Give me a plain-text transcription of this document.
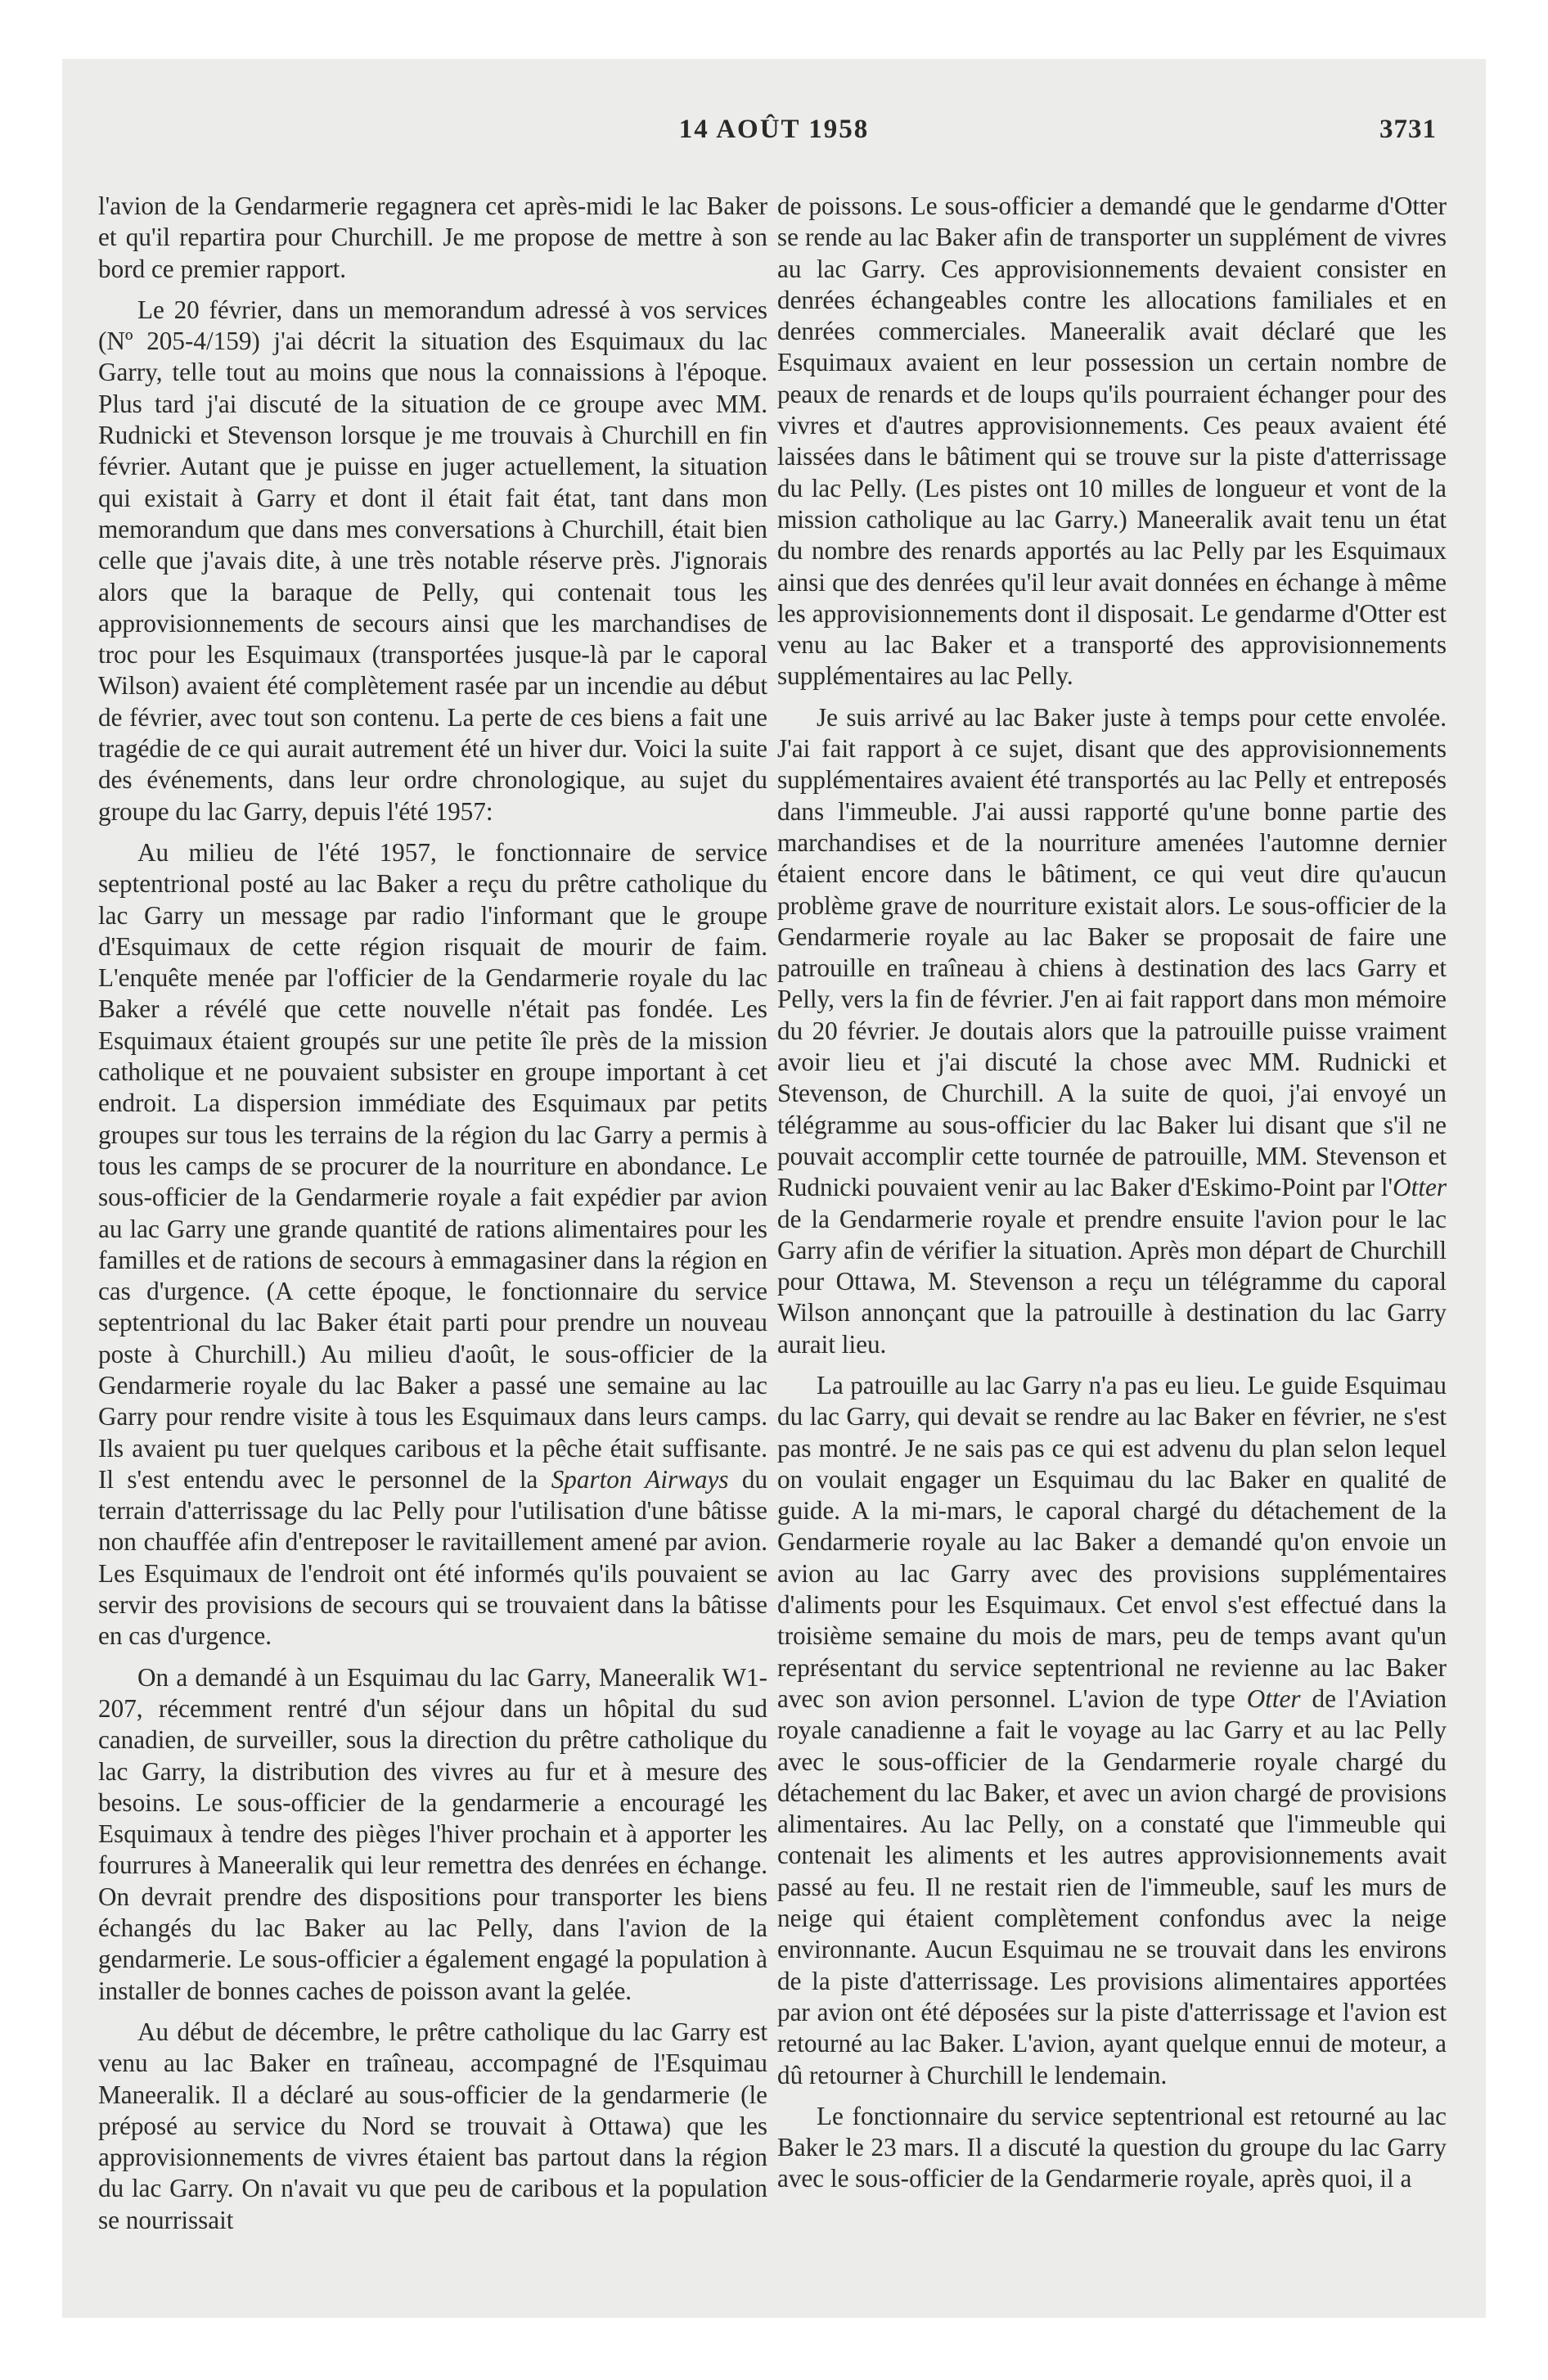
14 AOÛT 1958	3731

l'avion de la Gendarmerie regagnera cet après-midi le lac Baker et qu'il repartira pour Churchill. Je me propose de mettre à son bord ce premier rapport.

Le 20 février, dans un memorandum adressé à vos services (Nº 205-4/159) j'ai décrit la situation des Esquimaux du lac Garry, telle tout au moins que nous la connaissions à l'époque. Plus tard j'ai discuté de la situation de ce groupe avec MM. Rudnicki et Stevenson lorsque je me trouvais à Churchill en fin février. Autant que je puisse en juger actuellement, la situation qui existait à Garry et dont il était fait état, tant dans mon memorandum que dans mes conversations à Churchill, était bien celle que j'avais dite, à une très notable réserve près. J'ignorais alors que la baraque de Pelly, qui contenait tous les approvisionnements de secours ainsi que les marchandises de troc pour les Esquimaux (transportées jusque-là par le caporal Wilson) avaient été complètement rasée par un incendie au début de février, avec tout son contenu. La perte de ces biens a fait une tragédie de ce qui aurait autrement été un hiver dur. Voici la suite des événements, dans leur ordre chronologique, au sujet du groupe du lac Garry, depuis l'été 1957:

Au milieu de l'été 1957, le fonctionnaire de service septentrional posté au lac Baker a reçu du prêtre catholique du lac Garry un message par radio l'informant que le groupe d'Esquimaux de cette région risquait de mourir de faim. L'enquête menée par l'officier de la Gendarmerie royale du lac Baker a révélé que cette nouvelle n'était pas fondée. Les Esquimaux étaient groupés sur une petite île près de la mission catholique et ne pouvaient subsister en groupe important à cet endroit. La dispersion immédiate des Esquimaux par petits groupes sur tous les terrains de la région du lac Garry a permis à tous les camps de se procurer de la nourriture en abondance. Le sous-officier de la Gendarmerie royale a fait expédier par avion au lac Garry une grande quantité de rations alimentaires pour les familles et de rations de secours à emmagasiner dans la région en cas d'urgence. (A cette époque, le fonctionnaire du service septentrional du lac Baker était parti pour prendre un nouveau poste à Churchill.) Au milieu d'août, le sous-officier de la Gendarmerie royale du lac Baker a passé une semaine au lac Garry pour rendre visite à tous les Esquimaux dans leurs camps. Ils avaient pu tuer quelques caribous et la pêche était suffisante. Il s'est entendu avec le personnel de la Sparton Airways du terrain d'atterrissage du lac Pelly pour l'utilisation d'une bâtisse non chauffée afin d'entreposer le ravitaillement amené par avion. Les Esquimaux de l'endroit ont été informés qu'ils pouvaient se servir des provisions de secours qui se trouvaient dans la bâtisse en cas d'urgence.

On a demandé à un Esquimau du lac Garry, Maneeralik W1-207, récemment rentré d'un séjour dans un hôpital du sud canadien, de surveiller, sous la direction du prêtre catholique du lac Garry, la distribution des vivres au fur et à mesure des besoins. Le sous-officier de la gendarmerie a encouragé les Esquimaux à tendre des pièges l'hiver prochain et à apporter les fourrures à Maneeralik qui leur remettra des denrées en échange. On devrait prendre des dispositions pour transporter les biens échangés du lac Baker au lac Pelly, dans l'avion de la gendarmerie. Le sous-officier a également engagé la population à installer de bonnes caches de poisson avant la gelée.

Au début de décembre, le prêtre catholique du lac Garry est venu au lac Baker en traîneau, accompagné de l'Esquimau Maneeralik. Il a déclaré au sous-officier de la gendarmerie (le préposé au service du Nord se trouvait à Ottawa) que les approvisionnements de vivres étaient bas partout dans la région du lac Garry. On n'avait vu que peu de caribous et la population se nourrissait

de poissons. Le sous-officier a demandé que le gendarme d'Otter se rende au lac Baker afin de transporter un supplément de vivres au lac Garry. Ces approvisionnements devaient consister en denrées échangeables contre les allocations familiales et en denrées commerciales. Maneeralik avait déclaré que les Esquimaux avaient en leur possession un certain nombre de peaux de renards et de loups qu'ils pourraient échanger pour des vivres et d'autres approvisionnements. Ces peaux avaient été laissées dans le bâtiment qui se trouve sur la piste d'atterrissage du lac Pelly. (Les pistes ont 10 milles de longueur et vont de la mission catholique au lac Garry.) Maneeralik avait tenu un état du nombre des renards apportés au lac Pelly par les Esquimaux ainsi que des denrées qu'il leur avait données en échange à même les approvisionnements dont il disposait. Le gendarme d'Otter est venu au lac Baker et a transporté des approvisionnements supplémentaires au lac Pelly.

Je suis arrivé au lac Baker juste à temps pour cette envolée. J'ai fait rapport à ce sujet, disant que des approvisionnements supplémentaires avaient été transportés au lac Pelly et entreposés dans l'immeuble. J'ai aussi rapporté qu'une bonne partie des marchandises et de la nourriture amenées l'automne dernier étaient encore dans le bâtiment, ce qui veut dire qu'aucun problème grave de nourriture existait alors. Le sous-officier de la Gendarmerie royale au lac Baker se proposait de faire une patrouille en traîneau à chiens à destination des lacs Garry et Pelly, vers la fin de février. J'en ai fait rapport dans mon mémoire du 20 février. Je doutais alors que la patrouille puisse vraiment avoir lieu et j'ai discuté la chose avec MM. Rudnicki et Stevenson, de Churchill. A la suite de quoi, j'ai envoyé un télégramme au sous-officier du lac Baker lui disant que s'il ne pouvait accomplir cette tournée de patrouille, MM. Stevenson et Rudnicki pouvaient venir au lac Baker d'Eskimo-Point par l'Otter de la Gendarmerie royale et prendre ensuite l'avion pour le lac Garry afin de vérifier la situation. Après mon départ de Churchill pour Ottawa, M. Stevenson a reçu un télégramme du caporal Wilson annonçant que la patrouille à destination du lac Garry aurait lieu.

La patrouille au lac Garry n'a pas eu lieu. Le guide Esquimau du lac Garry, qui devait se rendre au lac Baker en février, ne s'est pas montré. Je ne sais pas ce qui est advenu du plan selon lequel on voulait engager un Esquimau du lac Baker en qualité de guide. A la mi-mars, le caporal chargé du détachement de la Gendarmerie royale au lac Baker a demandé qu'on envoie un avion au lac Garry avec des provisions supplémentaires d'aliments pour les Esquimaux. Cet envol s'est effectué dans la troisième semaine du mois de mars, peu de temps avant qu'un représentant du service septentrional ne revienne au lac Baker avec son avion personnel. L'avion de type Otter de l'Aviation royale canadienne a fait le voyage au lac Garry et au lac Pelly avec le sous-officier de la Gendarmerie royale chargé du détachement du lac Baker, et avec un avion chargé de provisions alimentaires. Au lac Pelly, on a constaté que l'immeuble qui contenait les aliments et les autres approvisionnements avait passé au feu. Il ne restait rien de l'immeuble, sauf les murs de neige qui étaient complètement confondus avec la neige environnante. Aucun Esquimau ne se trouvait dans les environs de la piste d'atterrissage. Les provisions alimentaires apportées par avion ont été déposées sur la piste d'atterrissage et l'avion est retourné au lac Baker. L'avion, ayant quelque ennui de moteur, a dû retourner à Churchill le lendemain.

Le fonctionnaire du service septentrional est retourné au lac Baker le 23 mars. Il a discuté la question du groupe du lac Garry avec le sous-officier de la Gendarmerie royale, après quoi, il a
